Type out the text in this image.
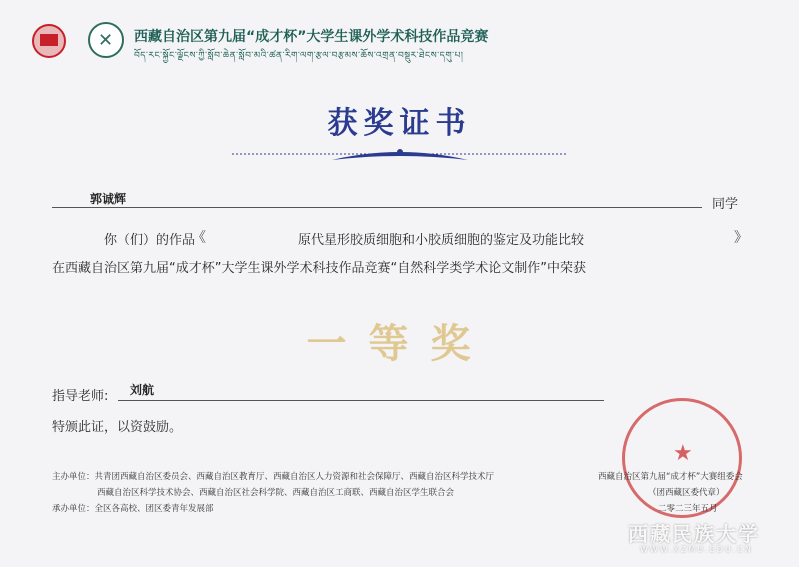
✕ 西藏自治区第九届“成才杯”大学生课外学术科技作品竞赛
བོད་རང་སྐྱོང་ལྗོངས་ཀྱི་སློབ་ཆེན་སློབ་མའི་ཚན་རིག་ལག་རྩལ་བརྩམས་ཆོས་འགྲན་བསྡུར་ཐེངས་དགུ་པ།
获奖证书
郭诚辉	同学
你（们）的作品
《	原代星形胶质细胞和小胶质细胞的鉴定及功能比较	》
在西藏自治区第九届“成才杯”大学生课外学术科技作品竞赛“自然科学类学术论文制作”中荣获
一等奖
指导老师: 刘航
特颁此证，以资鼓励。
主办单位：共青团西藏自治区委员会、西藏自治区教育厅、西藏自治区人力资源和社会保障厅、西藏自治区科学技术厅
西藏自治区科学技术协会、西藏自治区社会科学院、西藏自治区工商联、西藏自治区学生联合会
承办单位：全区各高校、团区委青年发展部
★
西藏自治区第九届“成才杯”大赛组委会
（团西藏区委代章）
二零二三年五月
西藏民族大学
WWW.XZMU.EDU.CN
